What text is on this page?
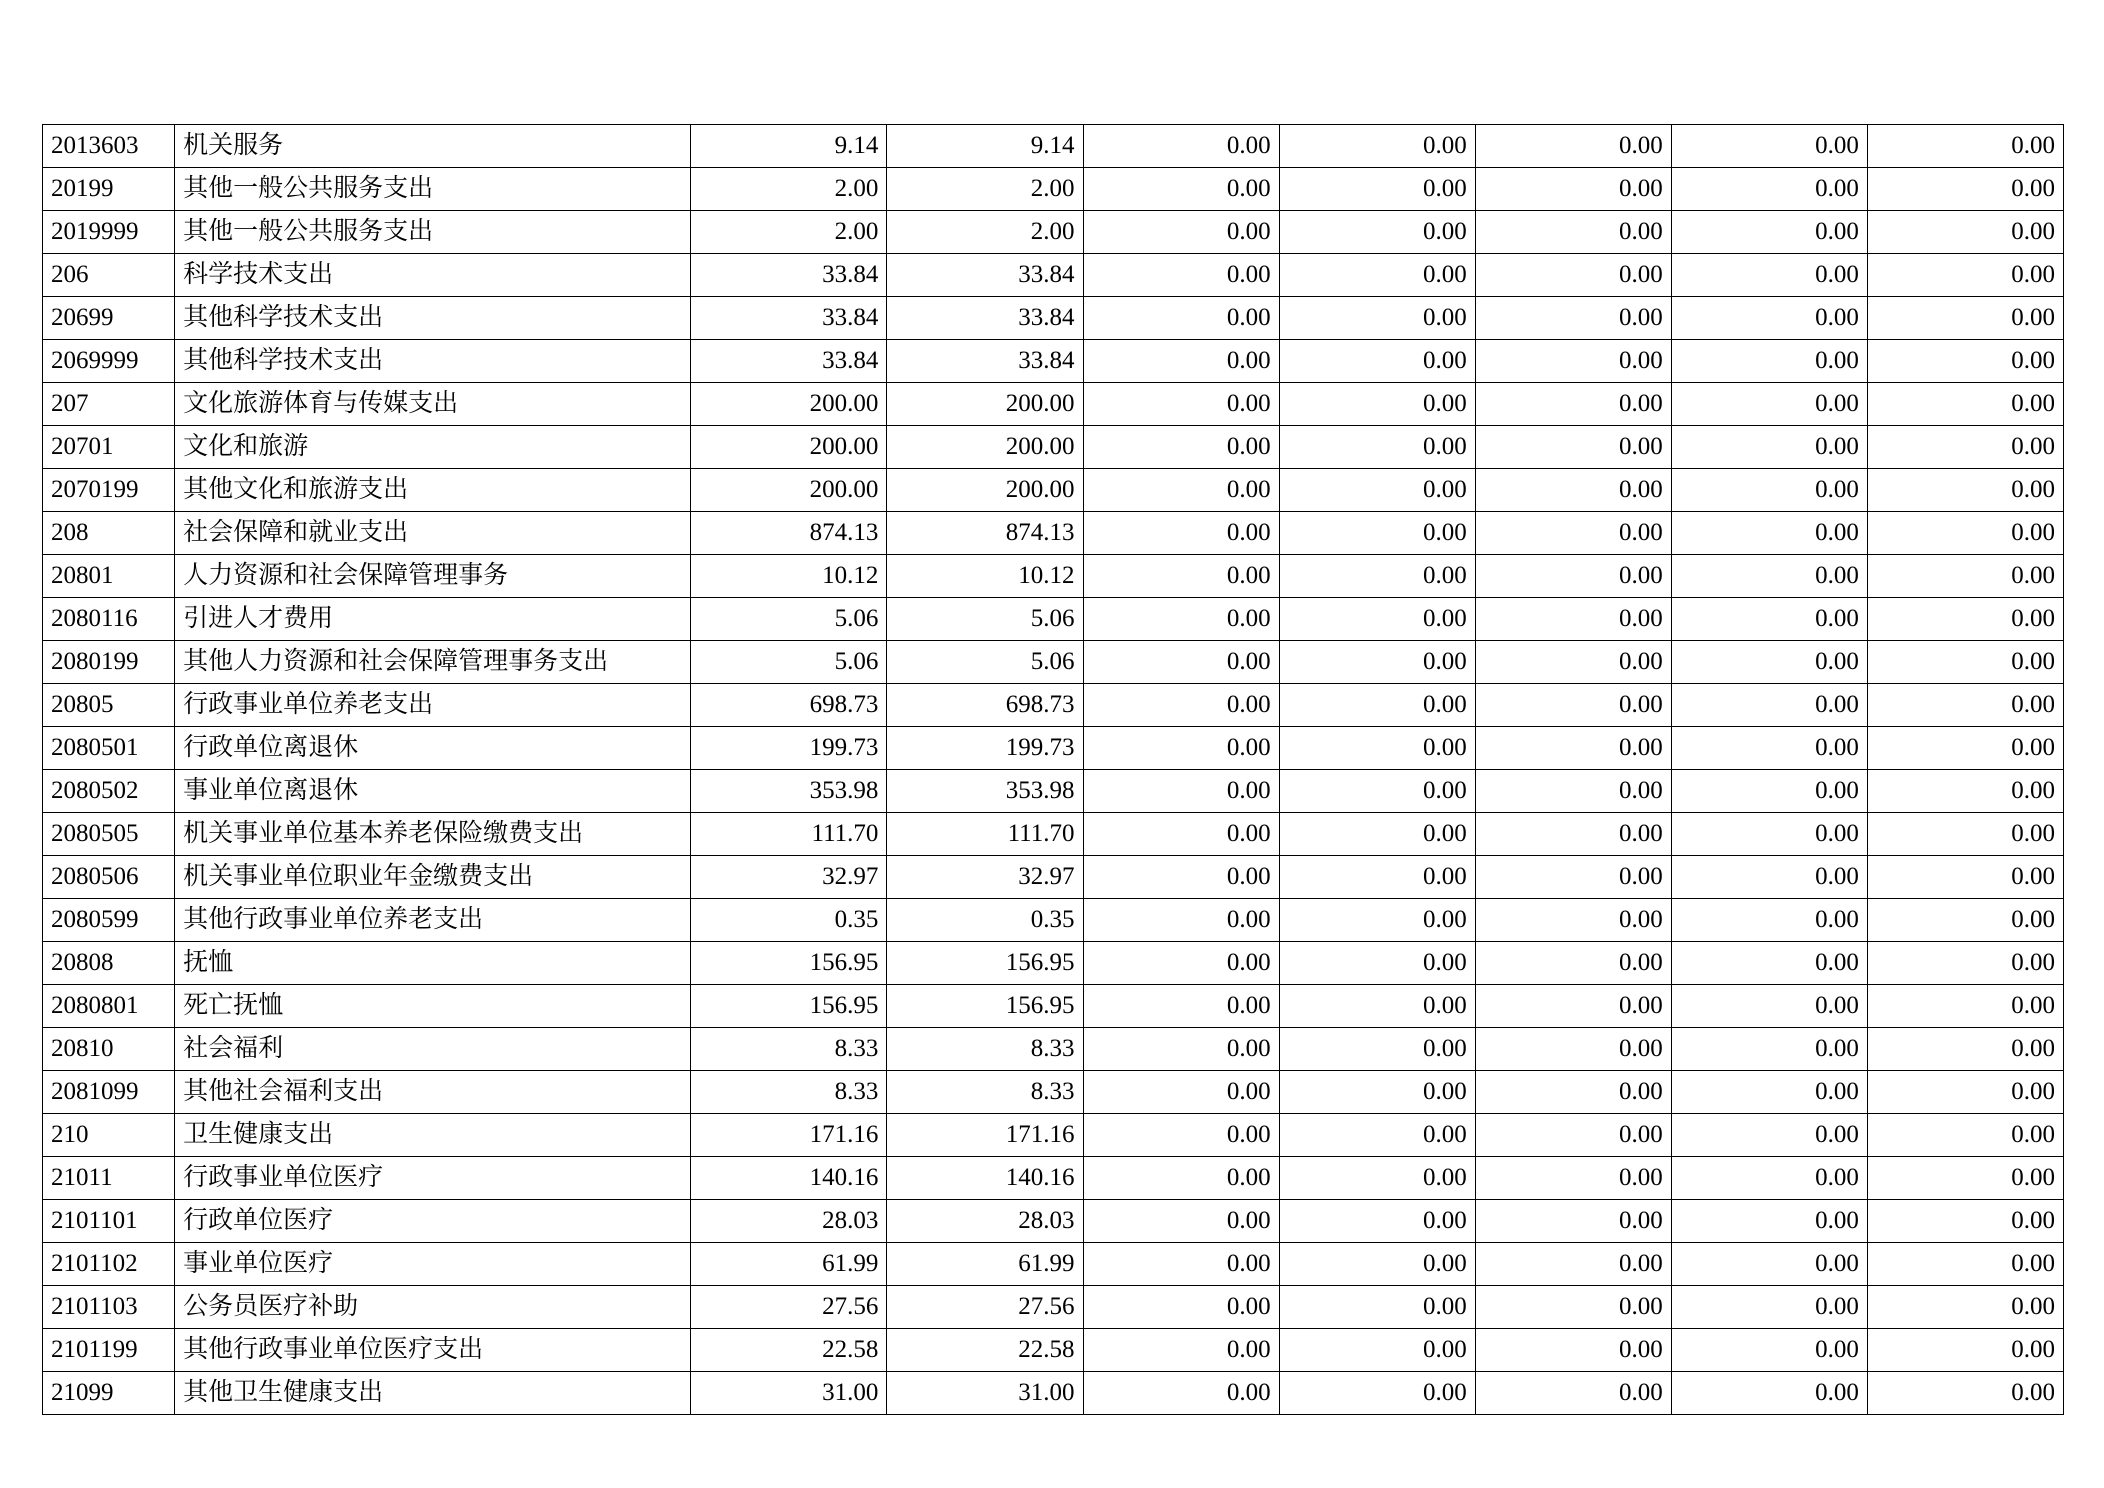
2013603	机关服务	9.14	9.14	0.00	0.00	0.00	0.00	0.00
20199	其他一般公共服务支出	2.00	2.00	0.00	0.00	0.00	0.00	0.00
2019999	其他一般公共服务支出	2.00	2.00	0.00	0.00	0.00	0.00	0.00
206	科学技术支出	33.84	33.84	0.00	0.00	0.00	0.00	0.00
20699	其他科学技术支出	33.84	33.84	0.00	0.00	0.00	0.00	0.00
2069999	其他科学技术支出	33.84	33.84	0.00	0.00	0.00	0.00	0.00
207	文化旅游体育与传媒支出	200.00	200.00	0.00	0.00	0.00	0.00	0.00
20701	文化和旅游	200.00	200.00	0.00	0.00	0.00	0.00	0.00
2070199	其他文化和旅游支出	200.00	200.00	0.00	0.00	0.00	0.00	0.00
208	社会保障和就业支出	874.13	874.13	0.00	0.00	0.00	0.00	0.00
20801	人力资源和社会保障管理事务	10.12	10.12	0.00	0.00	0.00	0.00	0.00
2080116	引进人才费用	5.06	5.06	0.00	0.00	0.00	0.00	0.00
2080199	其他人力资源和社会保障管理事务支出	5.06	5.06	0.00	0.00	0.00	0.00	0.00
20805	行政事业单位养老支出	698.73	698.73	0.00	0.00	0.00	0.00	0.00
2080501	行政单位离退休	199.73	199.73	0.00	0.00	0.00	0.00	0.00
2080502	事业单位离退休	353.98	353.98	0.00	0.00	0.00	0.00	0.00
2080505	机关事业单位基本养老保险缴费支出	111.70	111.70	0.00	0.00	0.00	0.00	0.00
2080506	机关事业单位职业年金缴费支出	32.97	32.97	0.00	0.00	0.00	0.00	0.00
2080599	其他行政事业单位养老支出	0.35	0.35	0.00	0.00	0.00	0.00	0.00
20808	抚恤	156.95	156.95	0.00	0.00	0.00	0.00	0.00
2080801	死亡抚恤	156.95	156.95	0.00	0.00	0.00	0.00	0.00
20810	社会福利	8.33	8.33	0.00	0.00	0.00	0.00	0.00
2081099	其他社会福利支出	8.33	8.33	0.00	0.00	0.00	0.00	0.00
210	卫生健康支出	171.16	171.16	0.00	0.00	0.00	0.00	0.00
21011	行政事业单位医疗	140.16	140.16	0.00	0.00	0.00	0.00	0.00
2101101	行政单位医疗	28.03	28.03	0.00	0.00	0.00	0.00	0.00
2101102	事业单位医疗	61.99	61.99	0.00	0.00	0.00	0.00	0.00
2101103	公务员医疗补助	27.56	27.56	0.00	0.00	0.00	0.00	0.00
2101199	其他行政事业单位医疗支出	22.58	22.58	0.00	0.00	0.00	0.00	0.00
21099	其他卫生健康支出	31.00	31.00	0.00	0.00	0.00	0.00	0.00
